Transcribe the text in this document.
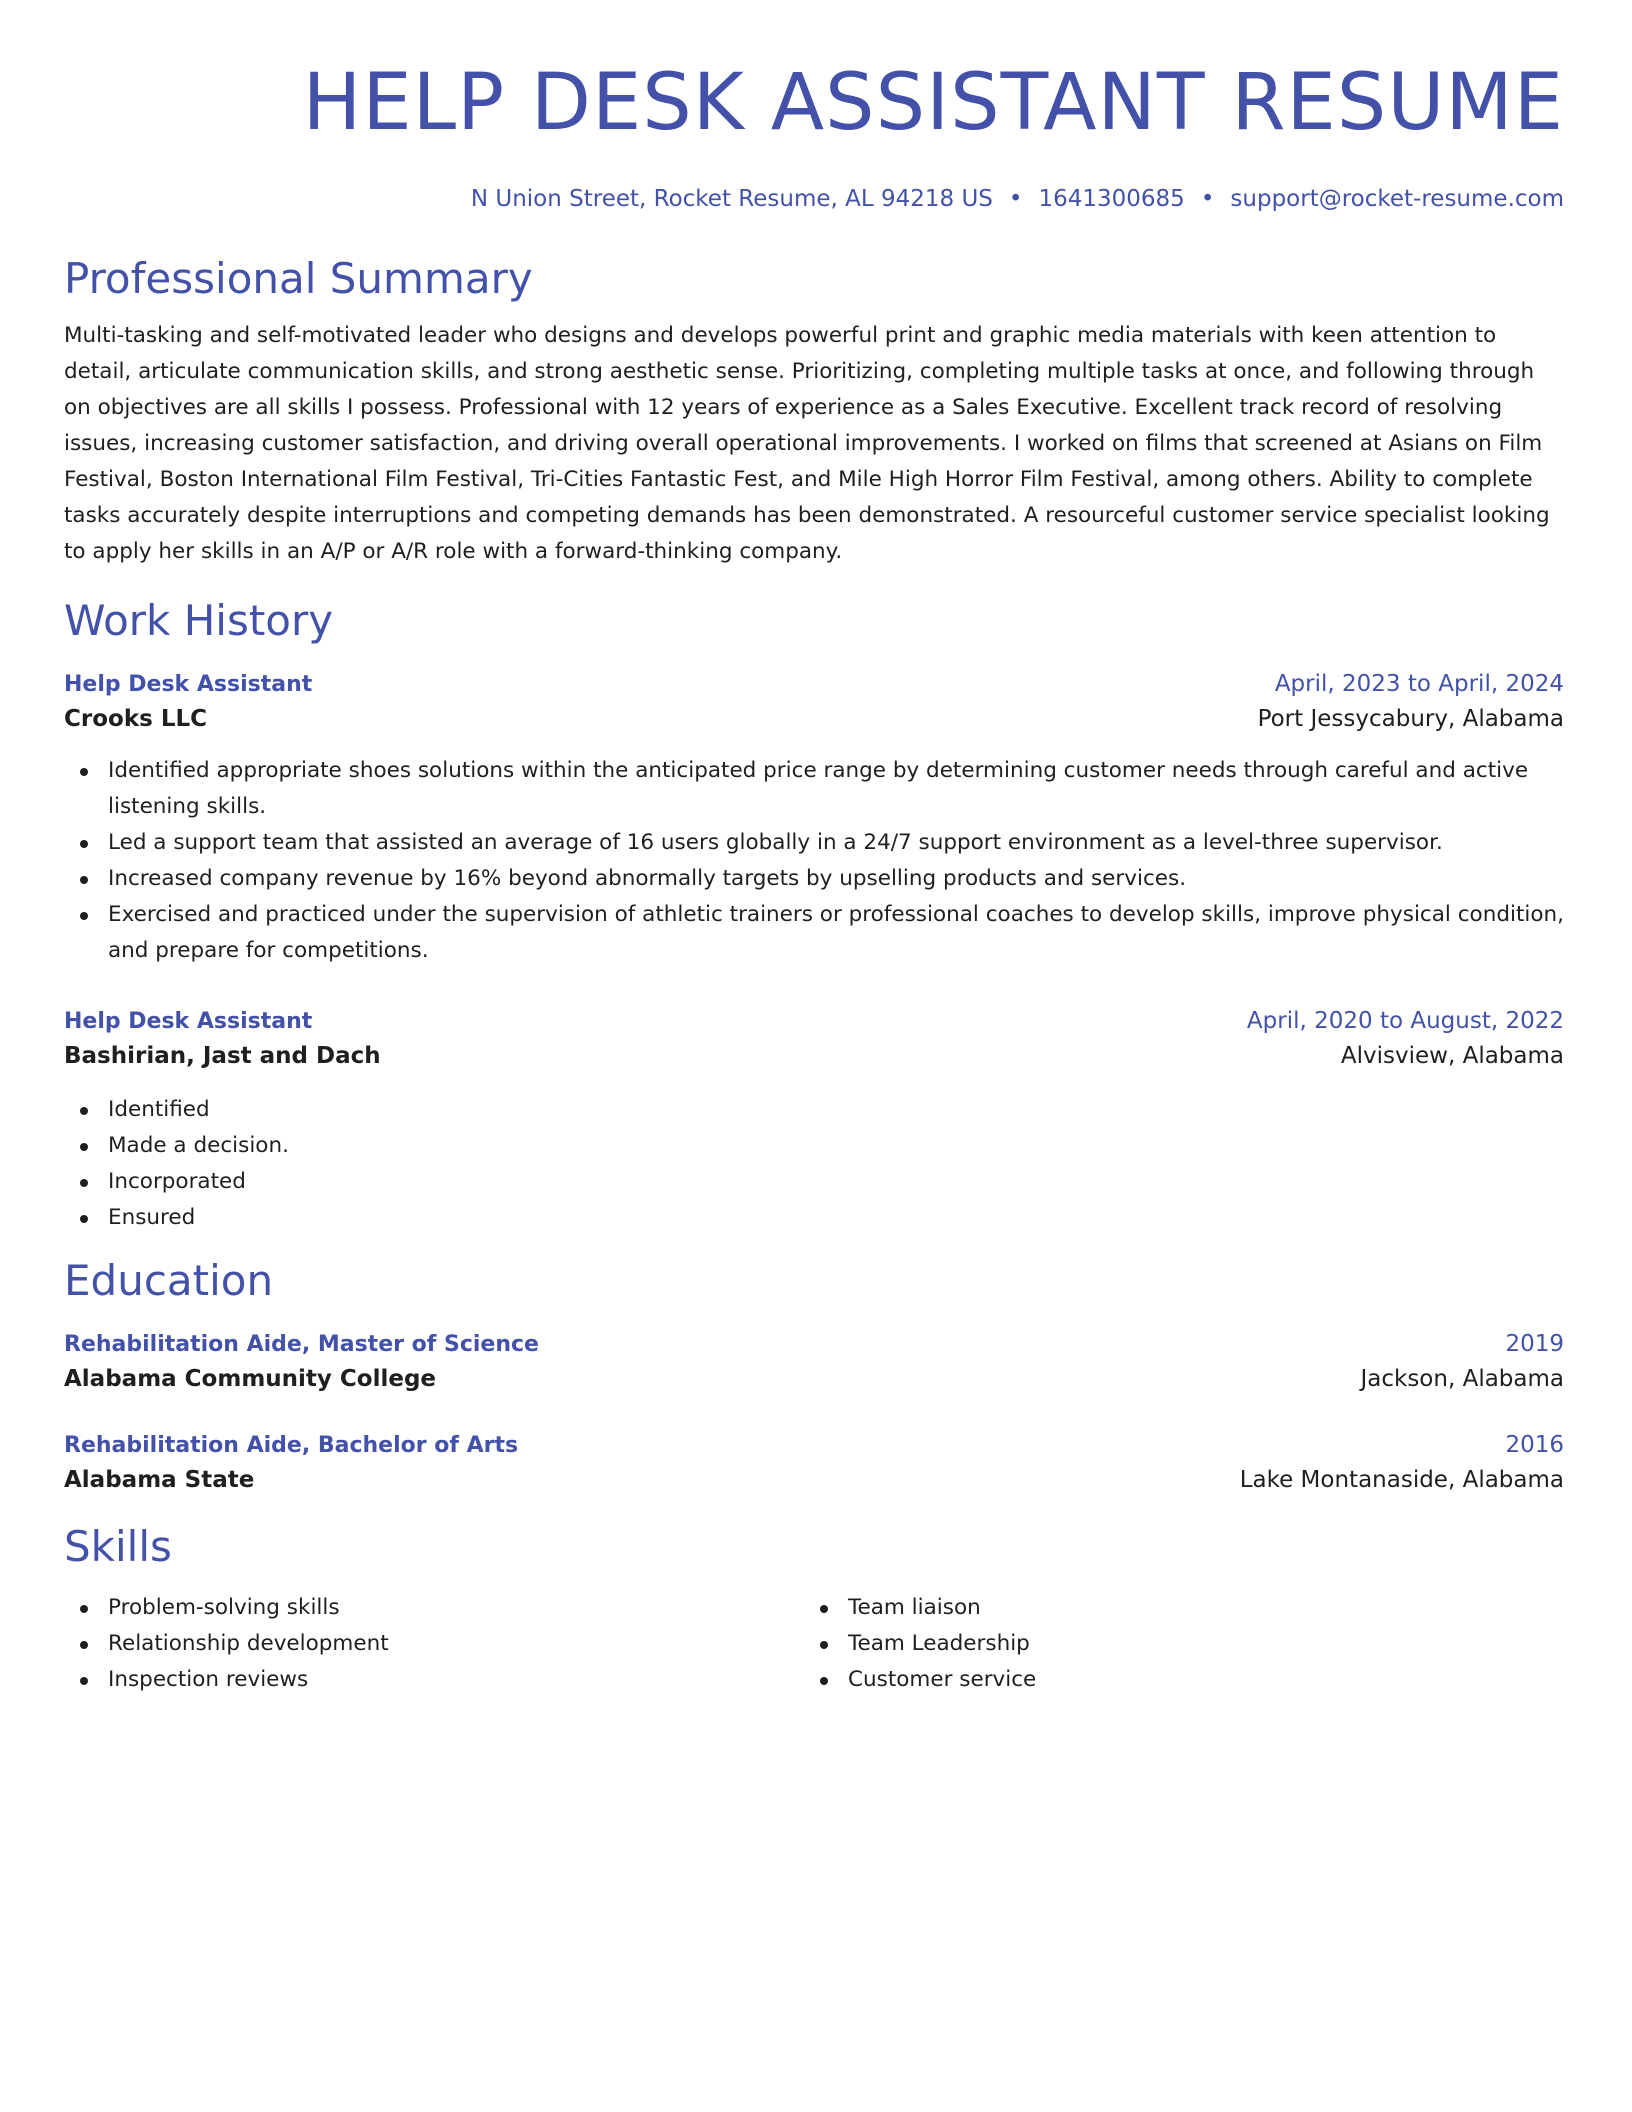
HELP DESK ASSISTANT RESUME
N Union Street, Rocket Resume, AL 94218 US • 1641300685 • support@rocket-resume.com
Professional Summary
Multi-tasking and self-motivated leader who designs and develops powerful print and graphic media materials with keen attention to detail, articulate communication skills, and strong aesthetic sense. Prioritizing, completing multiple tasks at once, and following through on objectives are all skills I possess. Professional with 12 years of experience as a Sales Executive. Excellent track record of resolving issues, increasing customer satisfaction, and driving overall operational improvements. I worked on films that screened at Asians on Film Festival, Boston International Film Festival, Tri-Cities Fantastic Fest, and Mile High Horror Film Festival, among others. Ability to complete tasks accurately despite interruptions and competing demands has been demonstrated. A resourceful customer service specialist looking to apply her skills in an A/P or A/R role with a forward-thinking company.
Work History
Help Desk Assistant	April, 2023 to April, 2024
Crooks LLC	Port Jessycabury, Alabama
Identified appropriate shoes solutions within the anticipated price range by determining customer needs through careful and active listening skills.
Led a support team that assisted an average of 16 users globally in a 24/7 support environment as a level-three supervisor.
Increased company revenue by 16% beyond abnormally targets by upselling products and services.
Exercised and practiced under the supervision of athletic trainers or professional coaches to develop skills, improve physical condition, and prepare for competitions.
Help Desk Assistant	April, 2020 to August, 2022
Bashirian, Jast and Dach	Alvisview, Alabama
Identified
Made a decision.
Incorporated
Ensured
Education
Rehabilitation Aide, Master of Science	2019
Alabama Community College	Jackson, Alabama
Rehabilitation Aide, Bachelor of Arts	2016
Alabama State	Lake Montanaside, Alabama
Skills
Problem-solving skills
Relationship development
Inspection reviews
Team liaison
Team Leadership
Customer service
